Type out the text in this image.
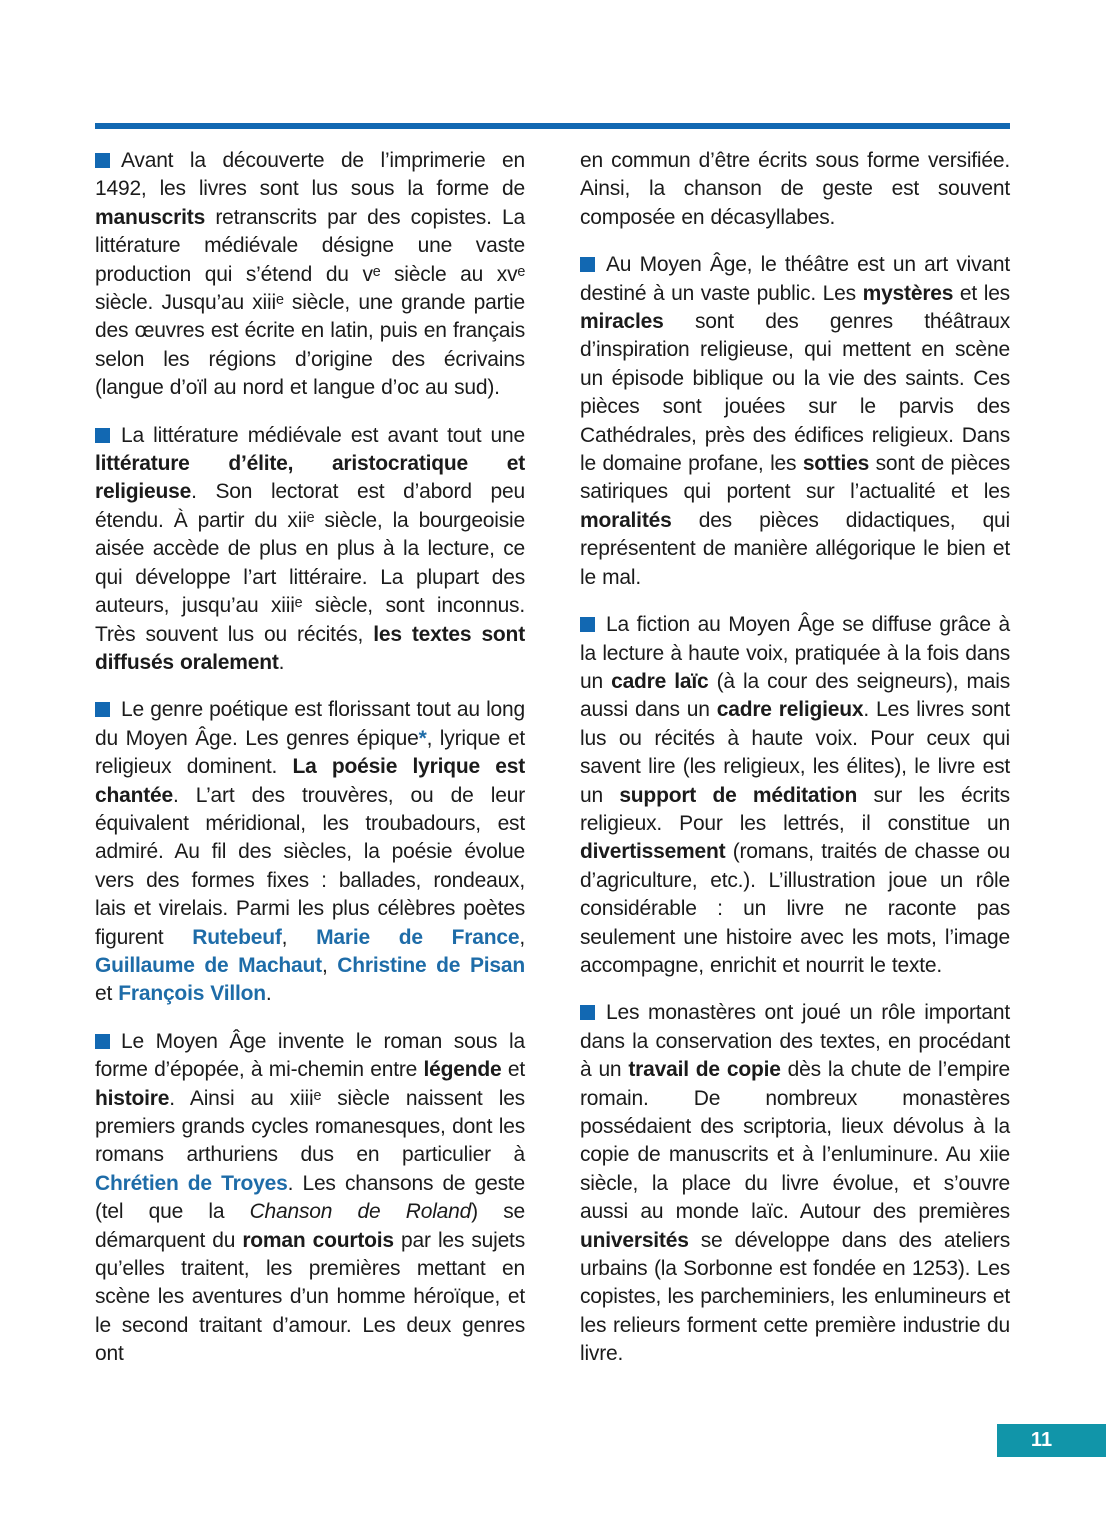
Avant la découverte de l’imprimerie en 1492, les livres sont lus sous la forme de manuscrits retranscrits par des copistes. La littérature médiévale désigne une vaste production qui s’étend du vᵉ siècle au xvᵉ siècle. Jusqu’au xiiiᵉ siècle, une grande partie des œuvres est écrite en latin, puis en français selon les régions d’origine des écrivains (langue d’oïl au nord et langue d’oc au sud).

La littérature médiévale est avant tout une littérature d’élite, aristocratique et religieuse. Son lectorat est d’abord peu étendu. À partir du xiiᵉ siècle, la bourgeoisie aisée accède de plus en plus à la lecture, ce qui développe l’art littéraire. La plupart des auteurs, jusqu’au xiiiᵉ siècle, sont inconnus. Très souvent lus ou récités, les textes sont diffusés oralement.

Le genre poétique est florissant tout au long du Moyen Âge. Les genres épique*, lyrique et religieux dominent. La poésie lyrique est chantée. L’art des trouvères, ou de leur équivalent méridional, les troubadours, est admiré. Au fil des siècles, la poésie évolue vers des formes fixes : ballades, rondeaux, lais et virelais. Parmi les plus célèbres poètes figurent Rutebeuf, Marie de France, Guillaume de Machaut, Christine de Pisan et François Villon.

Le Moyen Âge invente le roman sous la forme d’épopée, à mi-chemin entre légende et histoire. Ainsi au xiiiᵉ siècle naissent les premiers grands cycles romanesques, dont les romans arthuriens dus en particulier à Chrétien de Troyes. Les chansons de geste (tel que la Chanson de Roland) se démarquent du roman courtois par les sujets qu’elles traitent, les premières mettant en scène les aventures d’un homme héroïque, et le second traitant d’amour. Les deux genres ont

en commun d’être écrits sous forme versifiée. Ainsi, la chanson de geste est souvent composée en décasyllabes.

Au Moyen Âge, le théâtre est un art vivant destiné à un vaste public. Les mystères et les miracles sont des genres théâtraux d’inspiration religieuse, qui mettent en scène un épisode biblique ou la vie des saints. Ces pièces sont jouées sur le parvis des Cathédrales, près des édifices religieux. Dans le domaine profane, les sotties sont de pièces satiriques qui portent sur l’actualité et les moralités des pièces didactiques, qui représentent de manière allégorique le bien et le mal.

La fiction au Moyen Âge se diffuse grâce à la lecture à haute voix, pratiquée à la fois dans un cadre laïc (à la cour des seigneurs), mais aussi dans un cadre religieux. Les livres sont lus ou récités à haute voix. Pour ceux qui savent lire (les religieux, les élites), le livre est un support de méditation sur les écrits religieux. Pour les lettrés, il constitue un divertissement (romans, traités de chasse ou d’agriculture, etc.). L’illustration joue un rôle considérable : un livre ne raconte pas seulement une histoire avec les mots, l’image accompagne, enrichit et nourrit le texte.

Les monastères ont joué un rôle important dans la conservation des textes, en procédant à un travail de copie dès la chute de l’empire romain. De nombreux monastères possédaient des scriptoria, lieux dévolus à la copie de manuscrits et à l’enluminure. Au xiie siècle, la place du livre évolue, et s’ouvre aussi au monde laïc. Autour des premières universités se développe dans des ateliers urbains (la Sorbonne est fondée en 1253). Les copistes, les parcheminiers, les enlumineurs et les relieurs forment cette première industrie du livre.

11
